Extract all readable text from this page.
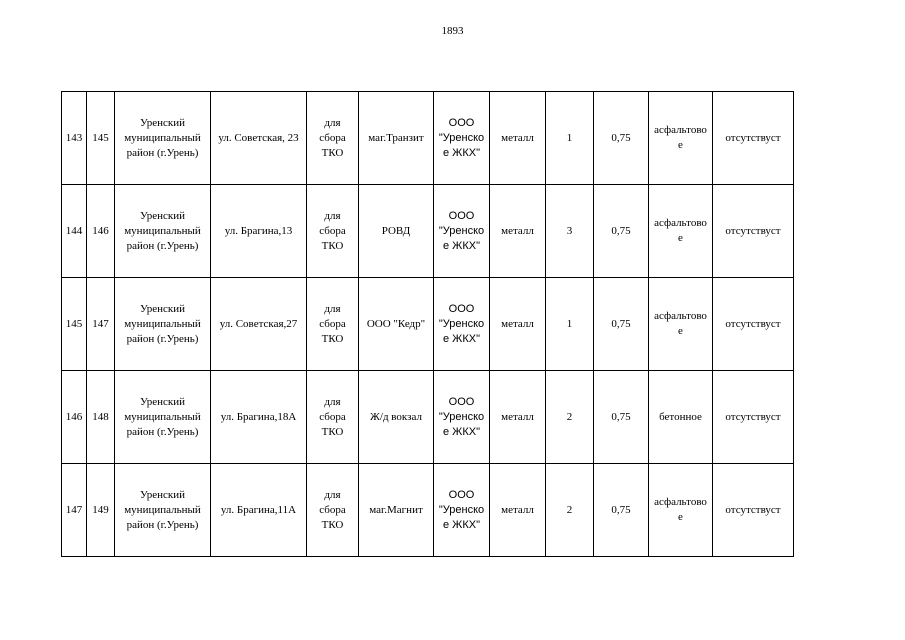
1893
143	145	Уренский
муниципальный
район (г.Урень)	ул. Советская, 23	для
сбора
ТКО	маг.Транзит	ООО
"Уренско
е ЖКХ"	металл	1	0,75	асфальтово
е	отсутствуст
144	146	Уренский
муниципальный
район (г.Урень)	ул. Брагина,13	для
сбора
ТКО	РОВД	ООО
"Уренско
е ЖКХ"	металл	3	0,75	асфальтово
е	отсутствуст
145	147	Уренский
муниципальный
район (г.Урень)	ул. Советская,27	для
сбора
ТКО	ООО "Кедр"	ООО
"Уренско
е ЖКХ"	металл	1	0,75	асфальтово
е	отсутствуст
146	148	Уренский
муниципальный
район (г.Урень)	ул. Брагина,18А	для
сбора
ТКО	Ж/д вокзал	ООО
"Уренско
е ЖКХ"	металл	2	0,75	бетонное	отсутствуст
147	149	Уренский
муниципальный
район (г.Урень)	ул. Брагина,11А	для
сбора
ТКО	маг.Магнит	ООО
"Уренско
е ЖКХ"	металл	2	0,75	асфальтово
е	отсутствуст
